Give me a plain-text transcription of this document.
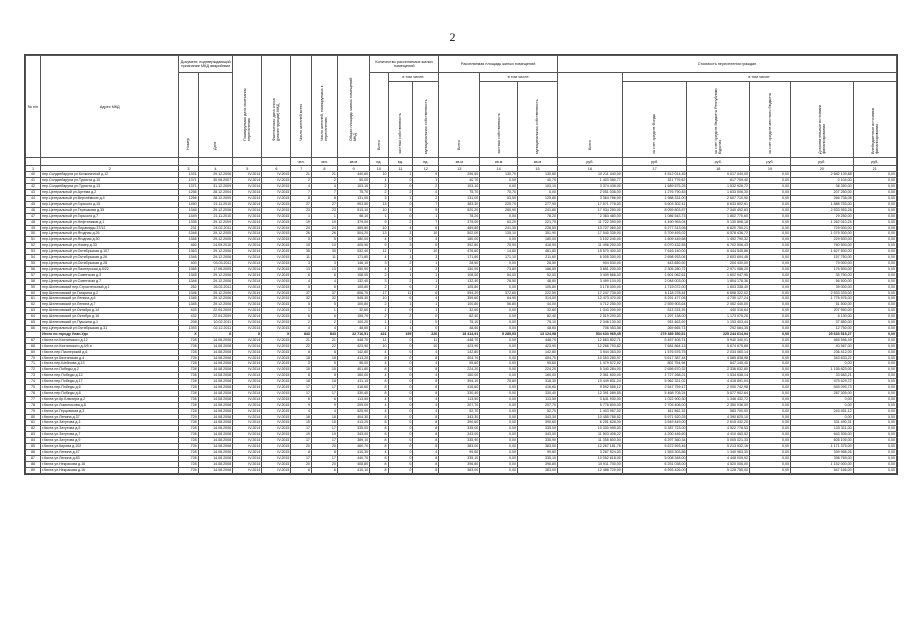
2
№ п/п	Адрес МКД	Документ, подтверждающий признание МКД аварийным		Планируемая дата окончания переселения	Фактическая дата сноса (реконструкции) МКД	Число жителей всего	Число жителей, планируемых к переселению	Общая площадь жилых помещений МКД	Количество расселяемых жилых помещений			Расселяемая площадь жилых помещений			Стоимость переселения граждан					
		Номер	Дата						Всего	в том числе:		Всего	в том числе:		Всего	в том числе:				
										частная собственность	муниципальная собственность		частная собственность	муниципальная собственность		за счет средств Фонда	за счет средств бюджета Республики Бурятия	за счет средств местного бюджета	Дополнительные источники финансирования	Внебюджетные источники финансирования
						чел.	чел.	кв.м	ед.	ед.	ед.	кв.м	кв.м	кв.м	руб.	руб.	руб.	руб.	руб.	руб.
1	2	3	4	5	6	7	8	9	10	11	12	13	14	15	16	17	18	19	20	21
40	пер.Солдатбаруна ул.Кочкопичной д.12	1331	29.12.2006	IV.2014	IV.2015	21	21	440,60	10	1	9	296,50	130,70	130,80	10 211 440,00	4 512 014,45	5 017 040,00	0,00	2 682 139,88	0,00
41	пер.Солдатбаруна ул.Туриста д.10	1371	30.08.2007	IV.2014	IV.2015	2	2	50,00	1	0	1	40,70	0,00	40,70	1 403 380,77	321 779,62	617 709,40	0,00	0 104,00	0,00
42	пер.Солдатбаруна ул.Туриста д.13	1371	31.12.2009	IV.2014	IV.2015	4	4	103,10	2	0	2	103,10	0,00	103,10	3 374 438,00	1 689 575,25	1 532 926,72	0,00	38 250,00	0,00
43	пер.Центральный ул.Артема д.2	1256	28.12.2004	IV.2014	IV.2015	7	7	75,70	2	2	0	75,70	75,70	0,00	2 051 036,00	1 276 790,45	1 633 006,30	0,00	207 250,00	0,00
44	пер.Центральный ул.Верхнёмкою д.4	1256	28.12.2005	IV.2014	IV.2015	8	8	131,00	3	1	2	131,00	53,50	125,80	3 364 786,00	1 988 331,00	2 607 710,90	0,00	266 736,08	0,00
45	пер.Центральный ул.Горького д.15	1450	21.11.2010	IV.2014	IV.2015	27	27	903,50	13	0	7	383,30	225,70	277,90	17 571 778,00	5 603 302,41	6 633 802,61	0,00	1 888 753,00	0,00
46	пер.Центральный ул.Терешкова д.35	1346	29.12.2006	IV.2014	IV.2015	23	23	513,10	10	5	5	520,20	280,90	241,80	17 934 250,00	8 059 803,57	7 340 492,83	0,00	2 533 953,28	0,00
47	пер.Центральный ул.Горького д.7	1449	21.11.2010	IV.2014	IV.2015	1	1	98,10	1	0	1	78,20	0,00	78,20	2 363 480,00	1 086 543,73	1 802 770,60	0,00	29 250,00	0,00
48	пер.Центральный ул.Нефтяников д.1	1335	29.12.2009	IV.2014	IV.2015	19	19	379,00	9	2	7	379,00	63,20	221,70	11 722 390,00	4 490 953,04	5 130 898,18	0,00	1 262 010,24	0,00
49	пер.Центральный ул.Пирамиды 37/12	231	24.02.2011	IV.2014	IV.2015	24	24	469,80	10	4	6	469,80	241,30	228,50	13 727 060,00	5 277 313,06	6 620 750,21	0,00	729 000,00	0,00
50	пер.Центральный ул.Ягодная д.26	1346	29.12.2005	IV.2014	IV.2015	26	26	504,20	13	3	10	502,00	135,10	351,90	17 540 339,00	5 709 493,02	6 578 436,72	0,00	1 079 300,00	0,00
51	пер.Центральный ул.Ягодная д.30	1346	29.12.2005	IV.2014	IV.2015	5	5	180,00	4	0	4	180,00	0,00	180,00	3 102 240,00	1 609 449,68	1 492 790,32	0,00	229 500,00	0,00
52	пер.Центральный ул.Номер д.33	460	24.05.2010	IV.2014	IV.2015	10	10	405,90	9	3	6	392,80	75,90	416,90	11 496 200,00	6 070 432,55	6 702 506,43	0,00	760 500,00	0,00
53	пер.Центральный ул.Октябрьская д.107	1363	29.12.2006	IV.2014	IV.2015	35	35	532,40	11	1	10	476,60	14,80	461,80	15 570 400,00	7 616 140,00	6 444 545,86	0,00	1 627 500,00	0,00
54	пер.Центральный ул.Октябрьская д.26	1346	29.12.2006	IV.2014	IV.2015	11	11	171,80	4	1	3	171,80	171,10	211,60	6 005 300,00	2 698 933,06	2 603 694,48	0,00	157 750,00	0,00
55	пер.Центральный ул.Октябрьская д.28	400	03.03.2011	IV.2014	IV.2015	3	3	146,10	3	2	1	28,50	0,00	28,50	904 530,00	443 850,00	204 430,00	0,00	79 000,00	0,00
56	пер.Центральный ул.Пионерская д.9/22	1365	17.06.2005	IV.2014	IV.2015	13	13	150,90	4	1	3	150,90	73,80	186,50	3 851 200,00	2 305 280,72	2 971 088,20	0,00	176 500,00	0,00
57	пер.Центральный ул.Советская д.3	1345	29.12.2006	IV.2014	IV.2015	6	6	108,00	2	1	1	108,00	54,00	52,00	3 409 866,00	1 601 062,61	1 602 947,96	0,00	35 750,00	0,00
58	пер.Центральный ул.Советская д.7	1346	29.12.2006	IV.2014	IV.2015	4	4	132,40	3	2	1	132,40	78,50	48,80	3 499 104,00	2 048 003,00	1 804 178,36	0,00	56 500,00	0,00
59	пер.Шелеховский пер.Строительный д.1	262	26.02.2011	IV.2014	IV.2015	5	5	105,80	2	0	2	105,80	0,00	105,80	3 178 000,00	1 715 072,00	1 603 338,40	0,00	39 000,00	0,00
60	пер.Шелеховский ул.Гагарина д.2	1346	29.12.2006	IV.2014	IV.2015	37	37	606,70	17	11	6	594,20	372,60	222,50	17 247 735,00	6 118 278,44	6 898 322,02	0,00	2 533 333,00	0,00
61	пер.Шелеховский ул.Ленина д.6	1346	29.12.2006	IV.2014	IV.2015	32	32	545,30	10	6	4	359,60	64,90	314,00	12 473 470,00	5 291 477,06	4 730 127,24	0,00	1 776 976,00	0,00
62	пер.Шелеховский ул.Ленина д.7	1345	29.12.2006	IV.2014	IV.2015	5	5	100,80	2	1	1	100,80	56,80	44,00	4 712 250,00	2 559 903,64	2 052 440,00	0,00	51 500,00	0,00
63	пер.Шелеховский ул.Октября д.14	433	22.04.2009	IV.2014	IV.2015	1	1	32,60	1	0	1	32,60	0,00	32,60	1 043 200,00	513 233,39	440 316,64	0,00	207 950,00	0,00
64	пер.Шелеховский ул.Октября д.16	432	22.04.2009	IV.2014	IV.2015	6	6	155,70	2	2	0	82,40	0,00	82,40	2 519 200,00	1 297 138,00	1 173 075,26	0,00	8 130,00	0,00
65	пер.Шелеховский ул.Пушкина д.1	208	10.02.2011	IV.2014	IV.2015	2	2	100,20	1	1	0	75,10	0,00	75,10	2 346 130,00	933 463,00	1 153 403,44	0,00	37 850,00	0,00
66	пер.Центральный ул.Октябрьская д.31	1393	02.12.2011	IV.2014	IV.2015	4	4	48,60	1	1	0	48,60	0,00	48,60	706 453,58	269 665,73	292 684,35	0,00	12 750,00	0,00
	Итого по городу Улан-Удэ	X	X	X	X	843	843	22 716,51	421	195	226	18 414,91	5 289,93	13 124,98	504 633 965,45	279 389 350,51	225 244 614,94	0,00	25 633 515,27	0,00
67	г.Кяхта пл.Кяхтинского д.12	728	14.08.2008	IV.2014	IV.2015	21	21	448,70	11	0	11	448,70	0,00	448,70	12 863 802,71	5 457 405,74	5 940 340,01	0,00	465 596,49	0,00
68	г.Кяхта пл.Кяхтинского д.4/5 а	728	14.08.2008	IV.2014	IV.2015	22	22	423,90	10	0	10	423,90	0,00	423,90	12 266 793,82	7 681 864,13	5 674 675,88	0,00	40 567,00	0,00
69	г.Кяхта пер.Пионерский д.6	728	14.08.2008	IV.2014	IV.2015	8	8	142,80	4	0	4	142,80	0,00	142,80	3 944 363,00	1 576 576,75	2 034 060,14	0,00	236 412,00	0,00
70	г.Кяхта ул.Кяхтинская д.4	728	14.08.2008	IV.2014	IV.2015	18	18	413,20	8	0	8	404,70	0,00	404,70	10 353 280,97	5 617 387,44	4 585 838,98	0,00	343 633,22	0,00
71	г.Кяхта пер.Шейнова д.13	728	14.08.2008	IV.2014	IV.2015	5	5	96,00	4	0	4	95,60	0,00	95,60	1 479 572,52	802 754,98	647 145,40	0,00	0,00	0,00
72	г.Кяхта пл.Победы д.2	728	14.08.2008	IV.2014	IV.2015	15	15	401,80	8	0	8	224,20	0,00	224,20	5 340 284,00	2 656 670,32	2 336 632,80	0,00	1 155 823,00	0,00
73	г.Кяхта пер.Победы д.12	728	14.08.2008	IV.2014	IV.2015	8	8	160,00	4	0	4	160,00	0,00	160,00	2 361 600,00	1 727 268,21	1 534 638,14	0,00	33 683,21	0,00
74	г.Кяхта пер.Победы д.17	728	14.08.2008	IV.2014	IV.2015	18	18	411,10	8	0	8	394,10	75,80	318,30	10 449 831,24	5 962 321,02	4 418 891,04	0,00	475 429,72	0,00
75	г.Кяхта пер.Победы д.6	728	14.08.2008	IV.2014	IV.2015	17	17	416,60	8	0	8	416,60	0,00	416,60	9 592 556,12	2 547 759,47	2 000 742,98	0,00	545 093,73	0,00
76	г.Кяхта пер.Победы д.8	728	14.08.2008	IV.2014	IV.2015	17	17	330,40	8	0	8	330,40	0,00	330,40	12 391 089,55	5 468 705,24	5 577 902,64	0,00	287 305,00	0,00
77	г.Кяхта ул.Кр.Блюхера д.2	728	14.08.2008	IV.2014	IV.2015	6	6	113,50	4	0	4	113,50	0,00	113,50	3 641 930,00	1 022 900,30	1 346 432,72	0,00	0,00	0,00
78	г.Кяхта ул.Ломоносова д.8	728	14.08.2008	IV.2014	IV.2015	9	9	209,00	4	0	4	207,70	0,00	207,70	5 778 800,00	2 705 406,00	2 350 036,00	0,00	0,00	0,00
79	г.Кяхта ул.Герцовская д.3	728	14.08.2008	IV.2014	IV.2015	4	4	525,90	4	0	4	52,70	0,00	52,70	1 403 957,00	611 562,15	583 700,00	0,00	243 451,12	0,00
80	г.Кяхта ул.Ленина д.37	729	14.08.2008	IV.2014	IV.2015	18	18	404,30	8	0	8	343,30	0,00	343,30	10 455 785,52	5 971 520,25	4 390 625,10	0,00	0,00	0,00
81	г.Кяхта ул.Затутова д.3	728	14.08.2008	IV.2014	IV.2015	15	15	413,20	8	0	8	390,60	0,00	390,60	6 251 628,00	3 549 449,00	2 615 432,20	0,00	331 490,31	0,00
82	г.Кяхта ул.Затутова д.5	728	14.08.2008	IV.2014	IV.2015	17	17	335,00	8	0	8	335,00	0,00	335,00	10 330 995,00	5 387 723,00	4 522 778,53	0,00	133 311,00	0,00
83	г.Кяхта ул.Затутова д.7	728	14.08.2008	IV.2014	IV.2015	19	19	343,00	8	0	8	343,00	0,00	343,00	11 503 408,22	4 200 446,60	4 410 463,52	0,00	643 305,00	0,00
84	г.Кяхта ул.Затутова д.9	728	14.08.2008	IV.2014	IV.2015	17	17	389,10	8	0	8	335,90	0,00	335,90	11 355 800,00	6 297 360,34	5 005 021,33	0,00	605 105,00	0,00
85	г.Кяхта ул.Кирова д.102	728	14.08.2008	IV.2014	IV.2015	20	20	460,70	8	0	8	383,00	0,00	383,00	12 267 181,76	5 672 593,46	5 213 932,16	0,00	1 171 375,00	0,00
86	г.Кяхта ул.Ленина д.47	728	14.08.2008	IV.2014	IV.2015	8	8	410,30	4	0	4	99,60	0,00	99,60	3 267 524,00	1 553 303,86	1 340 963,30	0,00	339 958,26	0,00
87	г.Кяхта ул.Ленина д.83	728	14.08.2008	IV.2014	IV.2015	17	17	440,70	8	0	8	335,10	0,00	335,10	10 052 618,00	5 008 348,00	4 448 009,92	0,00	398 769,00	0,00
88	г.Кяхта ул.Некрасова д.16	728	14.08.2008	IV.2014	IV.2015	20	20	408,80	8	0	8	396,80	0,00	396,80	10 911 700,00	6 251 038,00	4 520 006,00	0,00	1 152 000,00	0,00
89	г.Кяхта ул.Некрасова д.16	728	14.08.2008	IV.2014	IV.2015	6	6	410,10	8	0	8	383,00	0,00	383,00	12 488 720,00	6 993 426,00	5 128 755,00	0,00	547 166,00	0,00
